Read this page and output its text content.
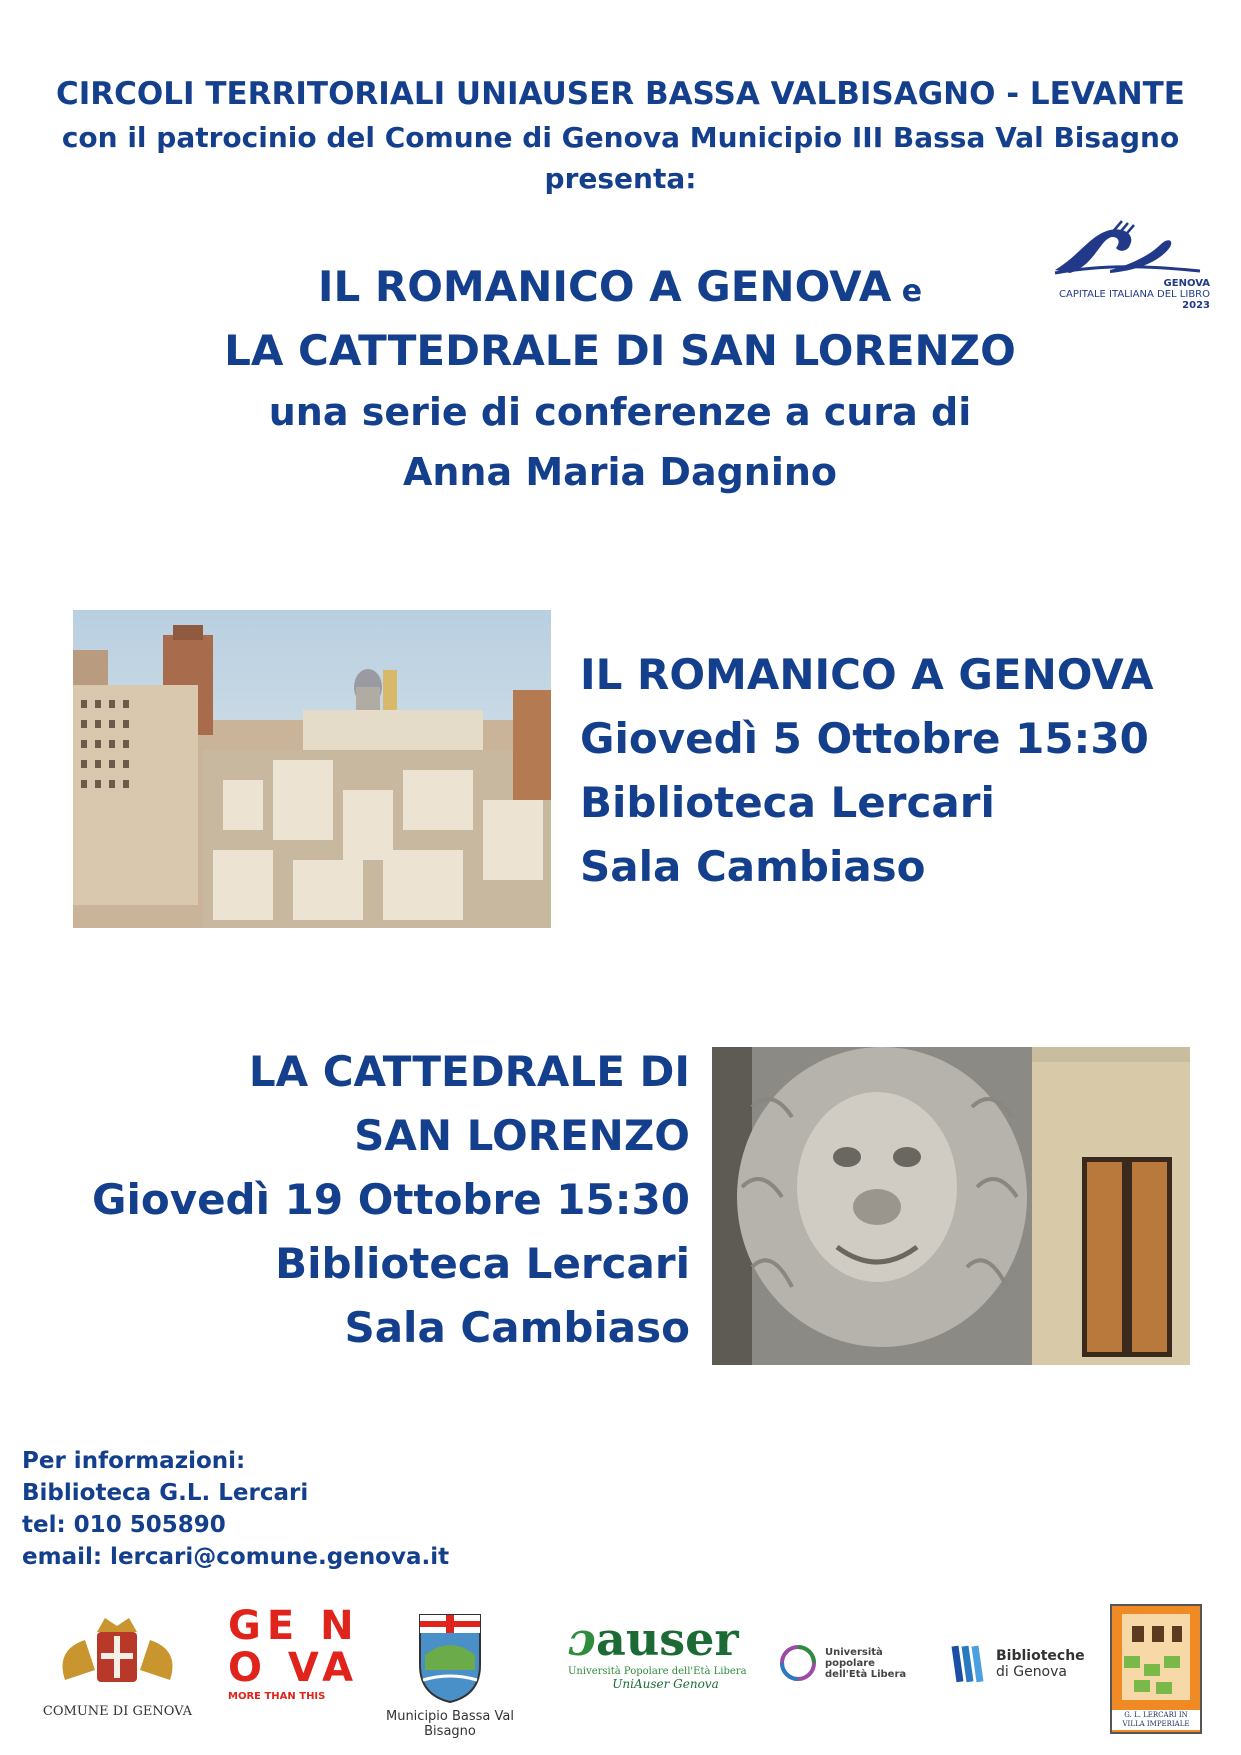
CIRCOLI TERRITORIALI UNIAUSER BASSA VALBISAGNO - LEVANTE
con il patrocinio del Comune di Genova Municipio III Bassa Val Bisagno
presenta:
GENOVA
CAPITALE ITALIANA DEL LIBRO
2023
IL ROMANICO A GENOVA e
LA CATTEDRALE DI SAN LORENZO
una serie di conferenze a cura di
Anna Maria Dagnino
IL ROMANICO A GENOVA
Giovedì 5 Ottobre 15:30
Biblioteca Lercari
Sala Cambiaso
LA CATTEDRALE DI
SAN LORENZO
Giovedì 19 Ottobre 15:30
Biblioteca Lercari
Sala Cambiaso
Per informazioni:
Biblioteca G.L. Lercari
tel: 010 505890
email: lercari@comune.genova.it
COMUNE DI GENOVA
GE NO VA
MORE THAN THIS
Municipio Bassa Val Bisagno
ɔauser
Università Popolare dell'Età Libera
UniAuser Genova
Università popolare dell'Età Libera
Biblioteche
di Genova
G. L. LERCARI IN VILLA IMPERIALE
